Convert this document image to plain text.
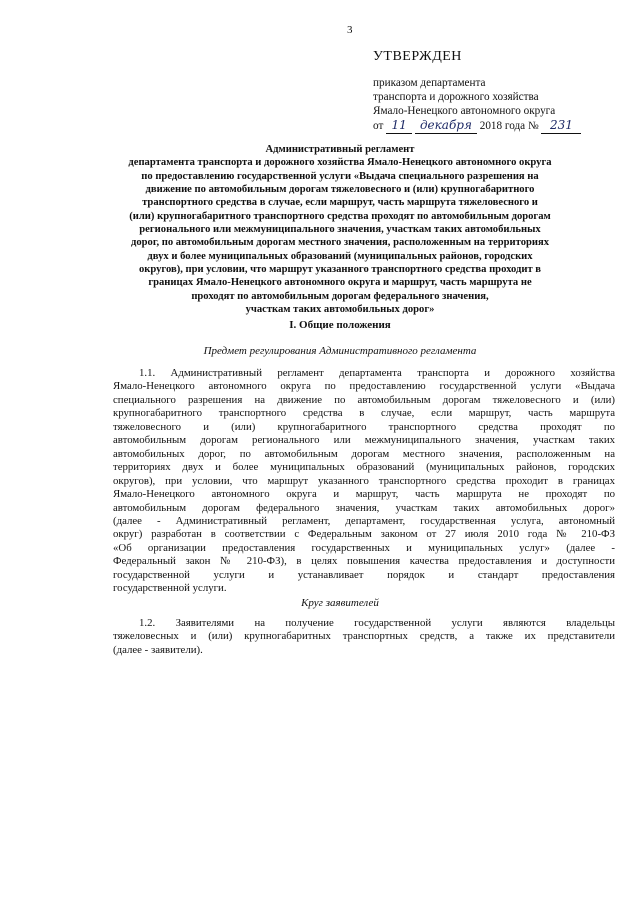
3
УТВЕРЖДЕН
приказом департамента
транспорта и дорожного хозяйства
Ямало-Ненецкого автономного округа
от 11 декабря 2018 года № 231
Административный регламент
департамента транспорта и дорожного хозяйства Ямало-Ненецкого автономного округа
по предоставлению государственной услуги «Выдача специального разрешения на
движение по автомобильным дорогам тяжеловесного и (или) крупногабаритного
транспортного средства в случае, если маршрут, часть маршрута тяжеловесного и
(или) крупногабаритного транспортного средства проходят по автомобильным дорогам
регионального или межмуниципального значения, участкам таких автомобильных
дорог, по автомобильным дорогам местного значения, расположенным на территориях
двух и более муниципальных образований (муниципальных районов, городских
округов), при условии, что маршрут указанного транспортного средства проходит в
границах Ямало-Ненецкого автономного округа и маршрут, часть маршрута не
проходят по автомобильным дорогам федерального значения,
участкам таких автомобильных дорог»
I. Общие положения
Предмет регулирования Административного регламента
1.1. Административный регламент департамента транспорта и дорожного хозяйства
Ямало-Ненецкого автономного округа по предоставлению государственной услуги «Выдача
специального разрешения на движение по автомобильным дорогам тяжеловесного и (или)
крупногабаритного транспортного средства в случае, если маршрут, часть маршрута
тяжеловесного и (или) крупногабаритного транспортного средства проходят по
автомобильным дорогам регионального или межмуниципального значения, участкам таких
автомобильных дорог, по автомобильным дорогам местного значения, расположенным на
территориях двух и более муниципальных образований (муниципальных районов, городских
округов), при условии, что маршрут указанного транспортного средства проходит в границах
Ямало-Ненецкого автономного округа и маршрут, часть маршрута не проходят по
автомобильным дорогам федерального значения, участкам таких автомобильных дорог»
(далее - Административный регламент, департамент, государственная услуга, автономный
округ) разработан в соответствии с Федеральным законом от 27 июля 2010 года № 210-ФЗ
«Об организации предоставления государственных и муниципальных услуг» (далее -
Федеральный закон № 210-ФЗ), в целях повышения качества предоставления и доступности
государственной услуги и устанавливает порядок и стандарт предоставления
государственной услуги.
Круг заявителей
1.2. Заявителями на получение государственной услуги являются владельцы
тяжеловесных и (или) крупногабаритных транспортных средств, а также их представители
(далее - заявители).
